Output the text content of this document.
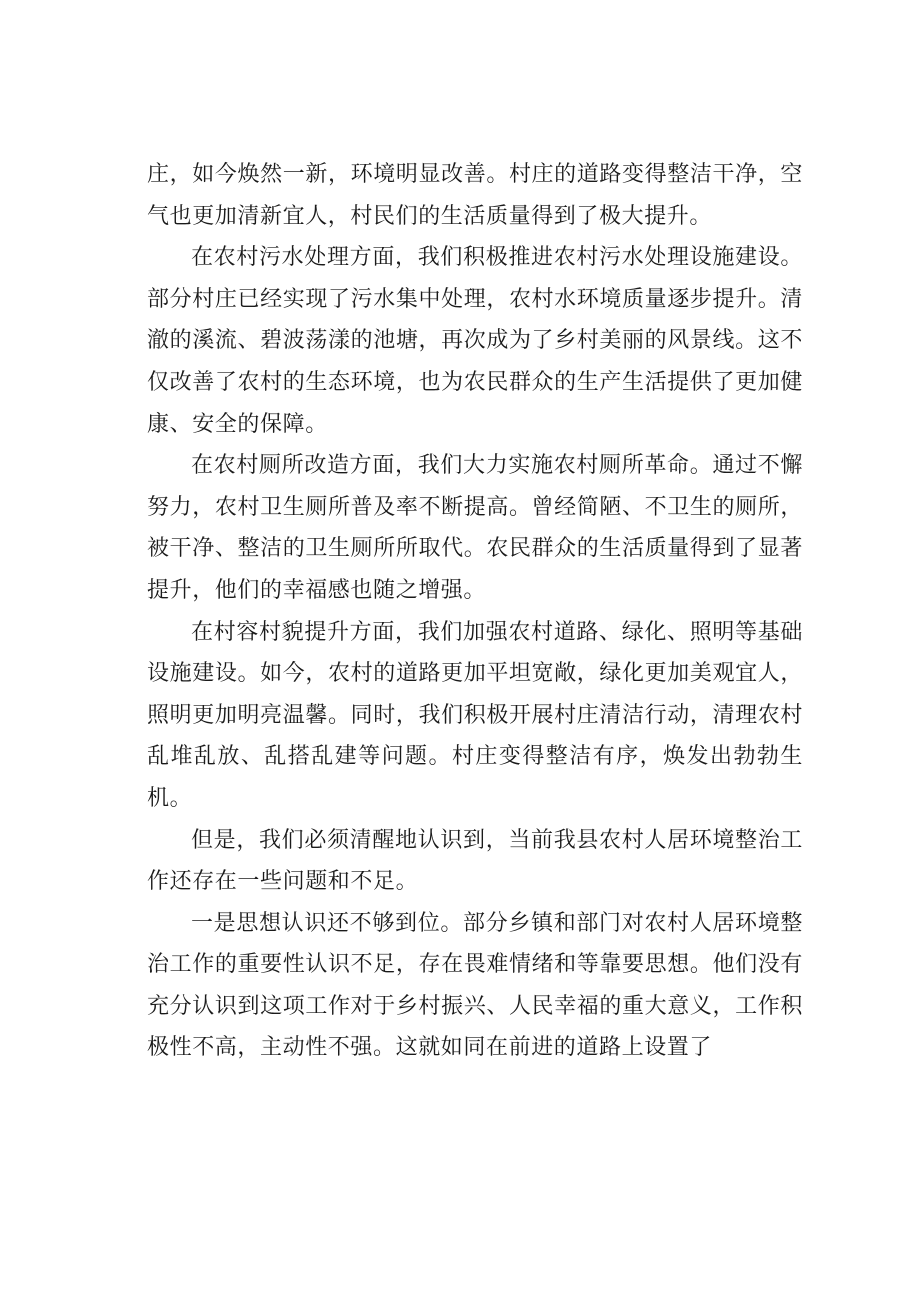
庄，如今焕然一新，环境明显改善。村庄的道路变得整洁干净，空气也更加清新宜人，村民们的生活质量得到了极大提升。

在农村污水处理方面，我们积极推进农村污水处理设施建设。部分村庄已经实现了污水集中处理，农村水环境质量逐步提升。清澈的溪流、碧波荡漾的池塘，再次成为了乡村美丽的风景线。这不仅改善了农村的生态环境，也为农民群众的生产生活提供了更加健康、安全的保障。

在农村厕所改造方面，我们大力实施农村厕所革命。通过不懈努力，农村卫生厕所普及率不断提高。曾经简陋、不卫生的厕所，被干净、整洁的卫生厕所所取代。农民群众的生活质量得到了显著提升，他们的幸福感也随之增强。

在村容村貌提升方面，我们加强农村道路、绿化、照明等基础设施建设。如今，农村的道路更加平坦宽敞，绿化更加美观宜人，照明更加明亮温馨。同时，我们积极开展村庄清洁行动，清理农村乱堆乱放、乱搭乱建等问题。村庄变得整洁有序，焕发出勃勃生机。

但是，我们必须清醒地认识到，当前我县农村人居环境整治工作还存在一些问题和不足。

一是思想认识还不够到位。部分乡镇和部门对农村人居环境整治工作的重要性认识不足，存在畏难情绪和等靠要思想。他们没有充分认识到这项工作对于乡村振兴、人民幸福的重大意义，工作积极性不高，主动性不强。这就如同在前进的道路上设置了
